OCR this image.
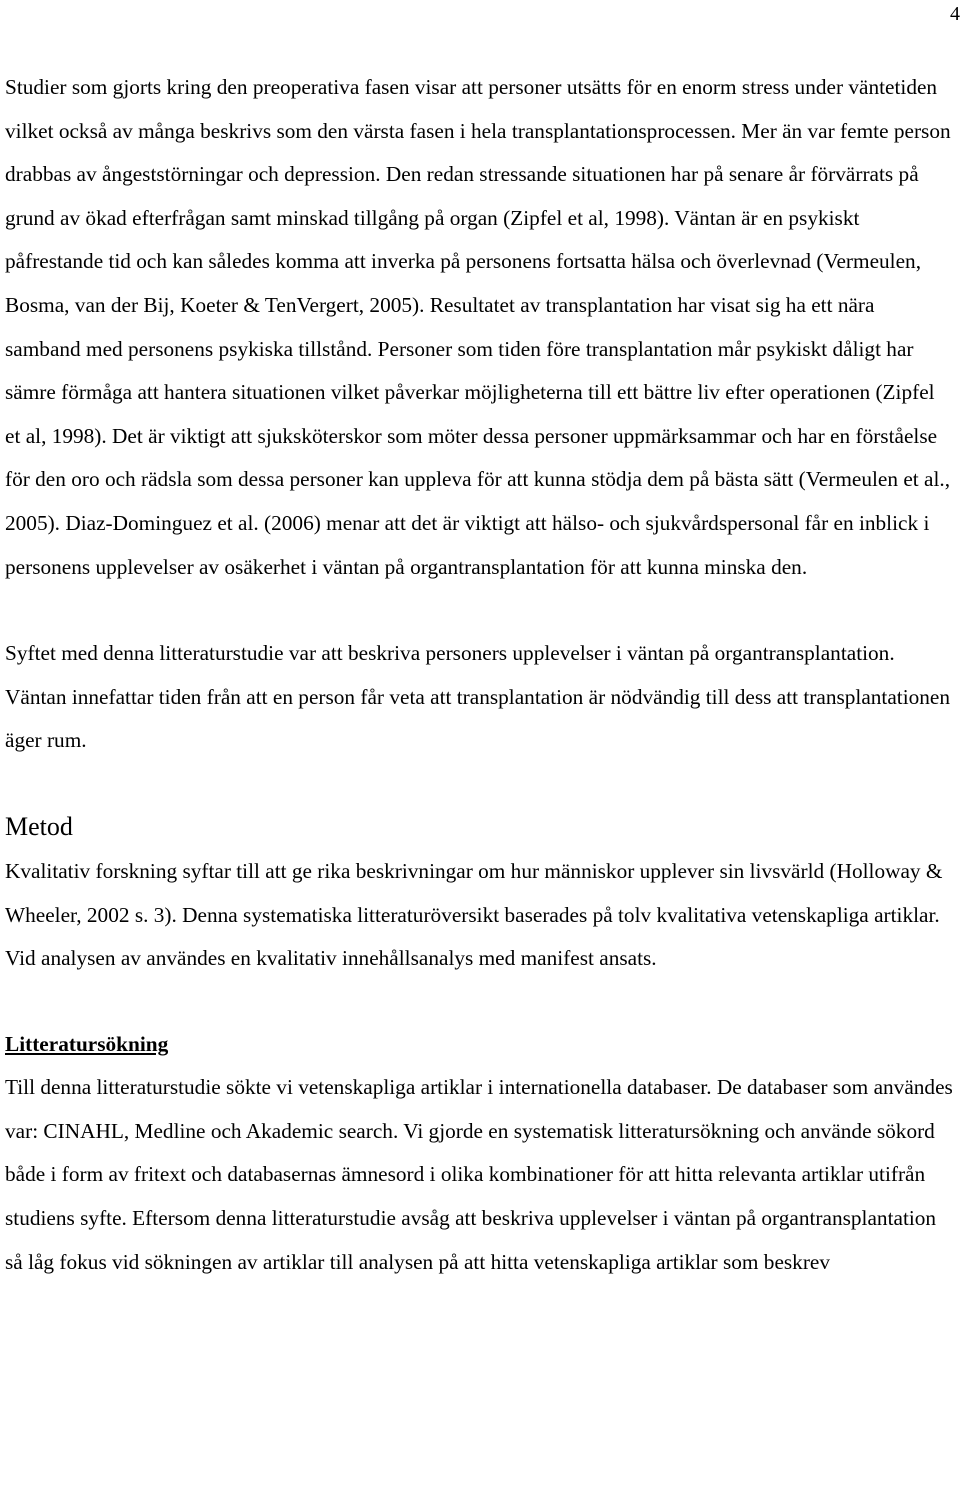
4

Studier som gjorts kring den preoperativa fasen visar att personer utsätts för en enorm stress under väntetiden vilket också av många beskrivs som den värsta fasen i hela transplantationsprocessen. Mer än var femte person drabbas av ångeststörningar och depression. Den redan stressande situationen har på senare år förvärrats på grund av ökad efterfrågan samt minskad tillgång på organ (Zipfel et al, 1998). Väntan är en psykiskt påfrestande tid och kan således komma att inverka på personens fortsatta hälsa och överlevnad (Vermeulen, Bosma, van der Bij, Koeter & TenVergert, 2005). Resultatet av transplantation har visat sig ha ett nära samband med personens psykiska tillstånd. Personer som tiden före transplantation mår psykiskt dåligt har sämre förmåga att hantera situationen vilket påverkar möjligheterna till ett bättre liv efter operationen (Zipfel et al, 1998). Det är viktigt att sjuksköterskor som möter dessa personer uppmärksammar och har en förståelse för den oro och rädsla som dessa personer kan uppleva för att kunna stödja dem på bästa sätt (Vermeulen et al., 2005). Diaz-Dominguez et al. (2006) menar att det är viktigt att hälso- och sjukvårdspersonal får en inblick i personens upplevelser av osäkerhet i väntan på organtransplantation för att kunna minska den.

Syftet med denna litteraturstudie var att beskriva personers upplevelser i väntan på organtransplantation. Väntan innefattar tiden från att en person får veta att transplantation är nödvändig till dess att transplantationen äger rum.

Metod

Kvalitativ forskning syftar till att ge rika beskrivningar om hur människor upplever sin livsvärld (Holloway & Wheeler, 2002 s. 3). Denna systematiska litteraturöversikt baserades på tolv kvalitativa vetenskapliga artiklar. Vid analysen av användes en kvalitativ innehållsanalys med manifest ansats.

Litteratursökning

Till denna litteraturstudie sökte vi vetenskapliga artiklar i internationella databaser. De databaser som användes var: CINAHL, Medline och Akademic search. Vi gjorde en systematisk litteratursökning och använde sökord både i form av fritext och databasernas ämnesord i olika kombinationer för att hitta relevanta artiklar utifrån studiens syfte. Eftersom denna litteraturstudie avsåg att beskriva upplevelser i väntan på organtransplantation så låg fokus vid sökningen av artiklar till analysen på att hitta vetenskapliga artiklar som beskrev
